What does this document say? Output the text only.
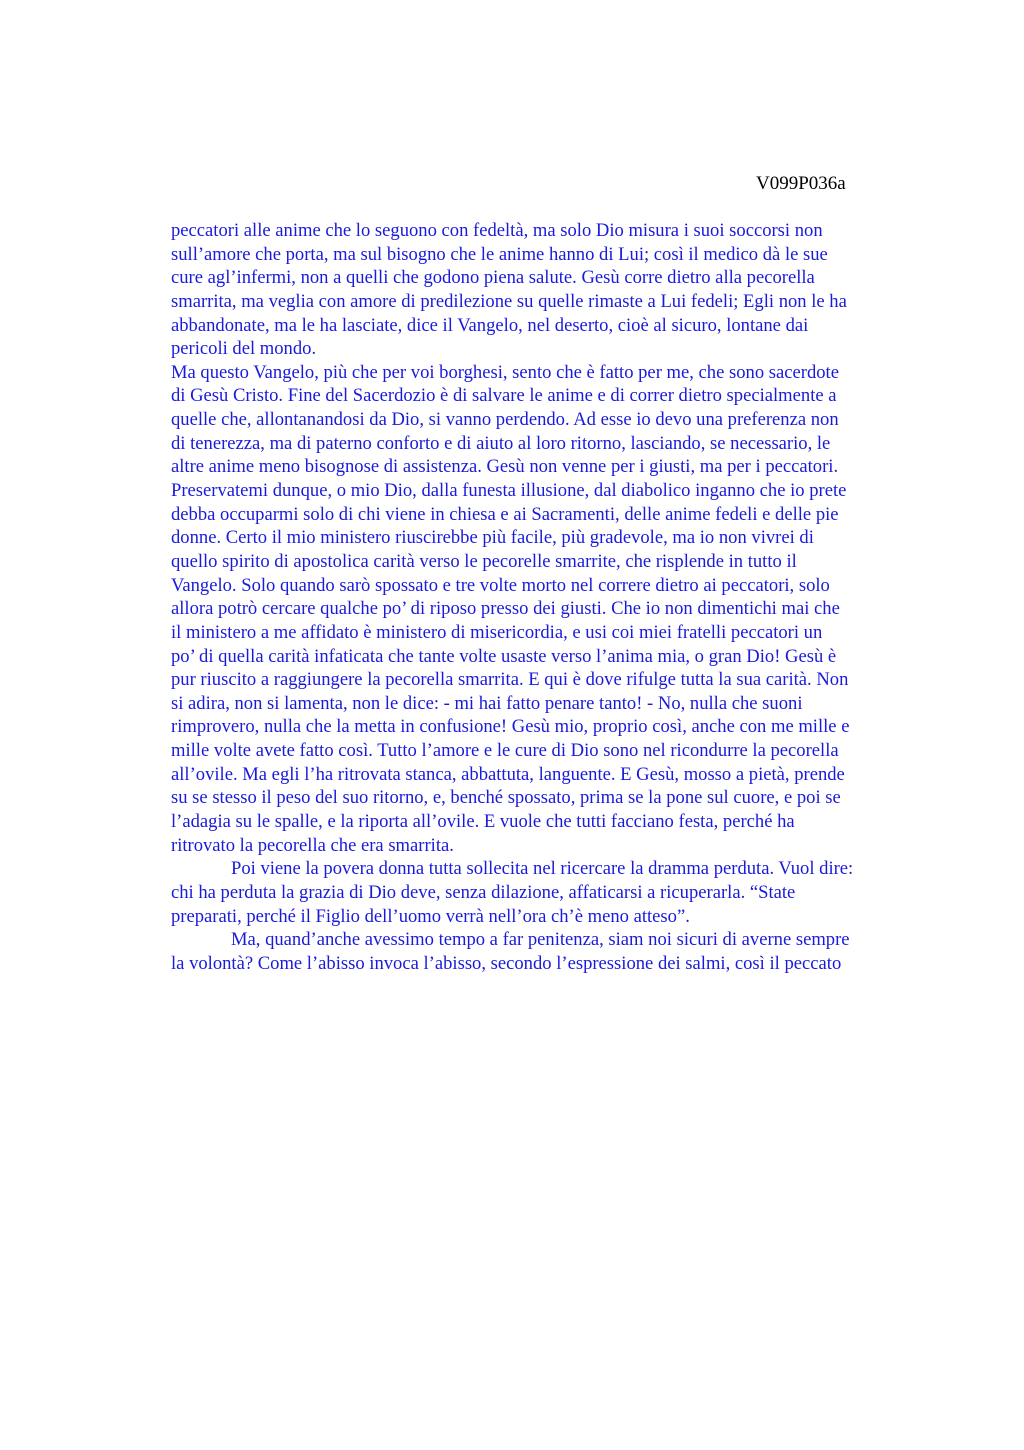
V099P036a
peccatori alle anime che lo seguono con fedeltà, ma solo Dio misura i suoi soccorsi non
sull’amore che porta, ma sul bisogno che le anime hanno di Lui; così il medico dà le sue
cure agl’infermi, non a quelli che godono piena salute. Gesù corre dietro alla pecorella
smarrita, ma veglia con amore di predilezione su quelle rimaste a Lui fedeli; Egli non le ha
abbandonate, ma le ha lasciate, dice il Vangelo, nel deserto, cioè al sicuro, lontane dai
pericoli del mondo.
Ma questo Vangelo, più che per voi borghesi, sento che è fatto per me, che sono sacerdote
di Gesù Cristo. Fine del Sacerdozio è di salvare le anime e di correr dietro specialmente a
quelle che, allontanandosi da Dio, si vanno perdendo. Ad esse io devo una preferenza non
di tenerezza, ma di paterno conforto e di aiuto al loro ritorno, lasciando, se necessario, le
altre anime meno bisognose di assistenza. Gesù non venne per i giusti, ma per i peccatori.
Preservatemi dunque, o mio Dio, dalla funesta illusione, dal diabolico inganno che io prete
debba occuparmi solo di chi viene in chiesa e ai Sacramenti, delle anime fedeli e delle pie
donne. Certo il mio ministero riuscirebbe più facile, più gradevole, ma io non vivrei di
quello spirito di apostolica carità verso le pecorelle smarrite, che risplende in tutto il
Vangelo. Solo quando sarò spossato e tre volte morto nel correre dietro ai peccatori, solo
allora potrò cercare qualche po’ di riposo presso dei giusti. Che io non dimentichi mai che
il ministero a me affidato è ministero di misericordia, e usi coi miei fratelli peccatori un
po’ di quella carità infaticata che tante volte usaste verso l’anima mia, o gran Dio! Gesù è
pur riuscito a raggiungere la pecorella smarrita. E qui è dove rifulge tutta la sua carità. Non
si adira, non si lamenta, non le dice: - mi hai fatto penare tanto! - No, nulla che suoni
rimprovero, nulla che la metta in confusione! Gesù mio, proprio così, anche con me mille e
mille volte avete fatto così. Tutto l’amore e le cure di Dio sono nel ricondurre la pecorella
all’ovile. Ma egli l’ha ritrovata stanca, abbattuta, languente. E Gesù, mosso a pietà, prende
su se stesso il peso del suo ritorno, e, benché spossato, prima se la pone sul cuore, e poi se
l’adagia su le spalle, e la riporta all’ovile. E vuole che tutti facciano festa, perché ha
ritrovato la pecorella che era smarrita.
Poi viene la povera donna tutta sollecita nel ricercare la dramma perduta. Vuol dire:
chi ha perduta la grazia di Dio deve, senza dilazione, affaticarsi a ricuperarla. “State
preparati, perché il Figlio dell’uomo verrà nell’ora ch’è meno atteso”.
Ma, quand’anche avessimo tempo a far penitenza, siam noi sicuri di averne sempre
la volontà? Come l’abisso invoca l’abisso, secondo l’espressione dei salmi, così il peccato
